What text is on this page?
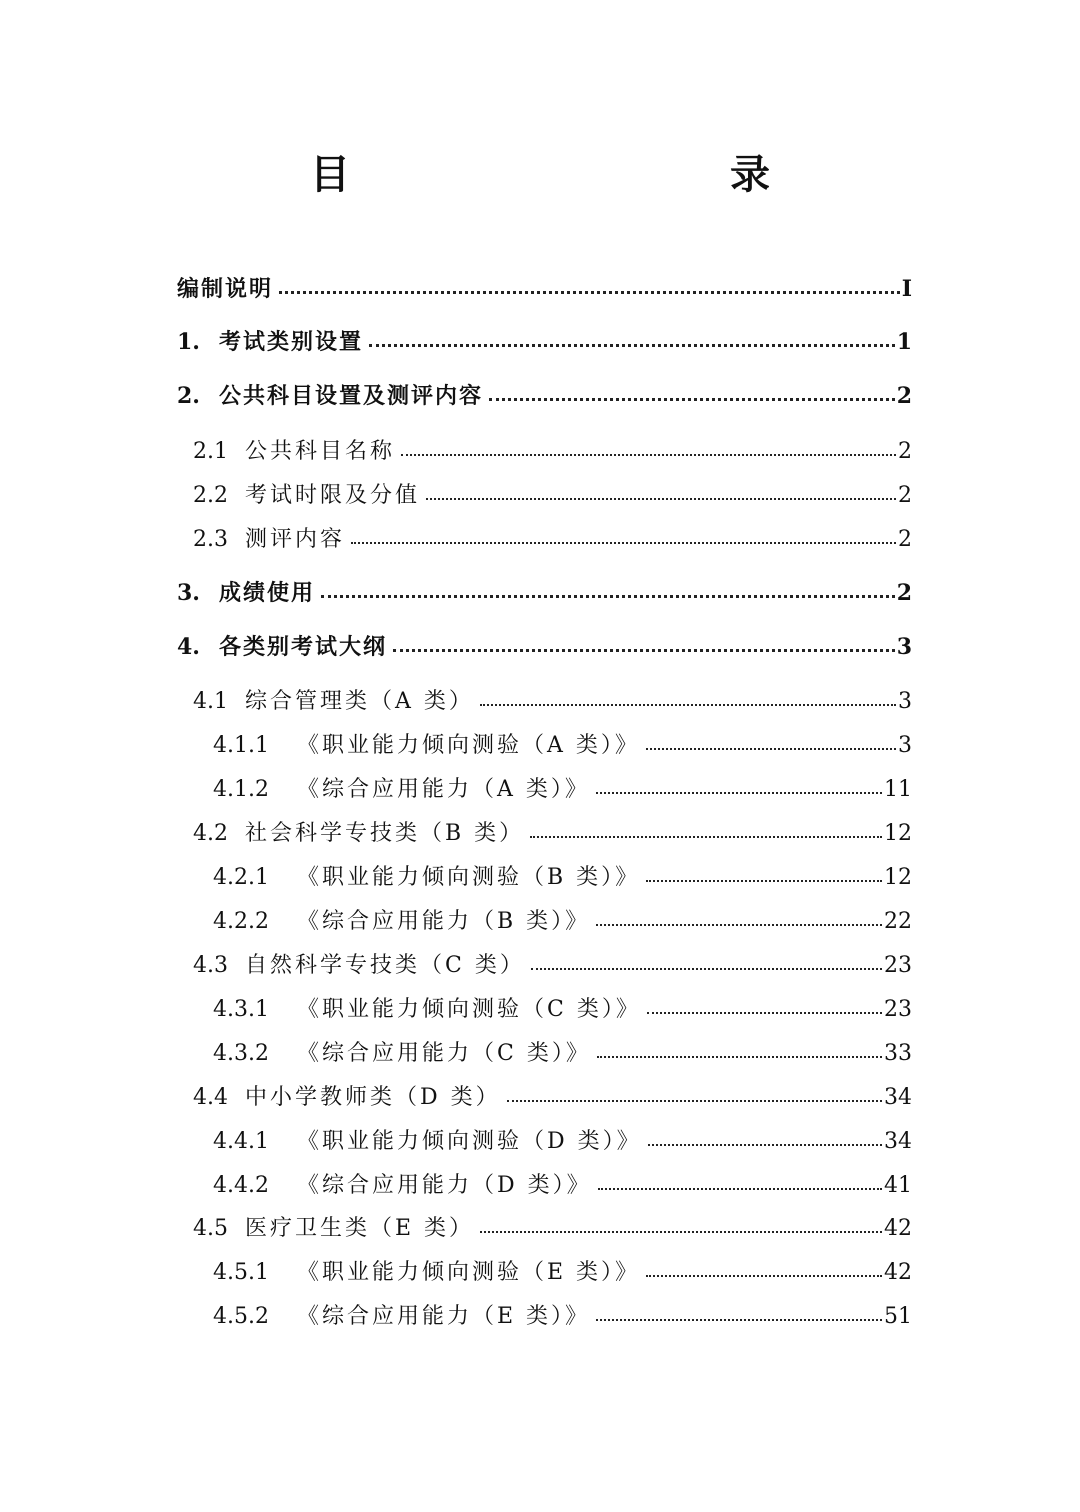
目　　录
编制说明	I
1. 考试类别设置	1
2. 公共科目设置及测评内容	2
2.1 公共科目名称	2
2.2 考试时限及分值	2
2.3 测评内容	2
3. 成绩使用	2
4. 各类别考试大纲	3
4.1 综合管理类（A 类）	3
4.1.1	《职业能力倾向测验（A 类）》	3
4.1.2	《综合应用能力（A 类）》	11
4.2 社会科学专技类（B 类）	12
4.2.1	《职业能力倾向测验（B 类）》	12
4.2.2	《综合应用能力（B 类）》	22
4.3 自然科学专技类（C 类）	23
4.3.1	《职业能力倾向测验（C 类）》	23
4.3.2	《综合应用能力（C 类）》	33
4.4 中小学教师类（D 类）	34
4.4.1	《职业能力倾向测验（D 类）》	34
4.4.2	《综合应用能力（D 类）》	41
4.5 医疗卫生类（E 类）	42
4.5.1	《职业能力倾向测验（E 类）》	42
4.5.2	《综合应用能力（E 类）》	51
